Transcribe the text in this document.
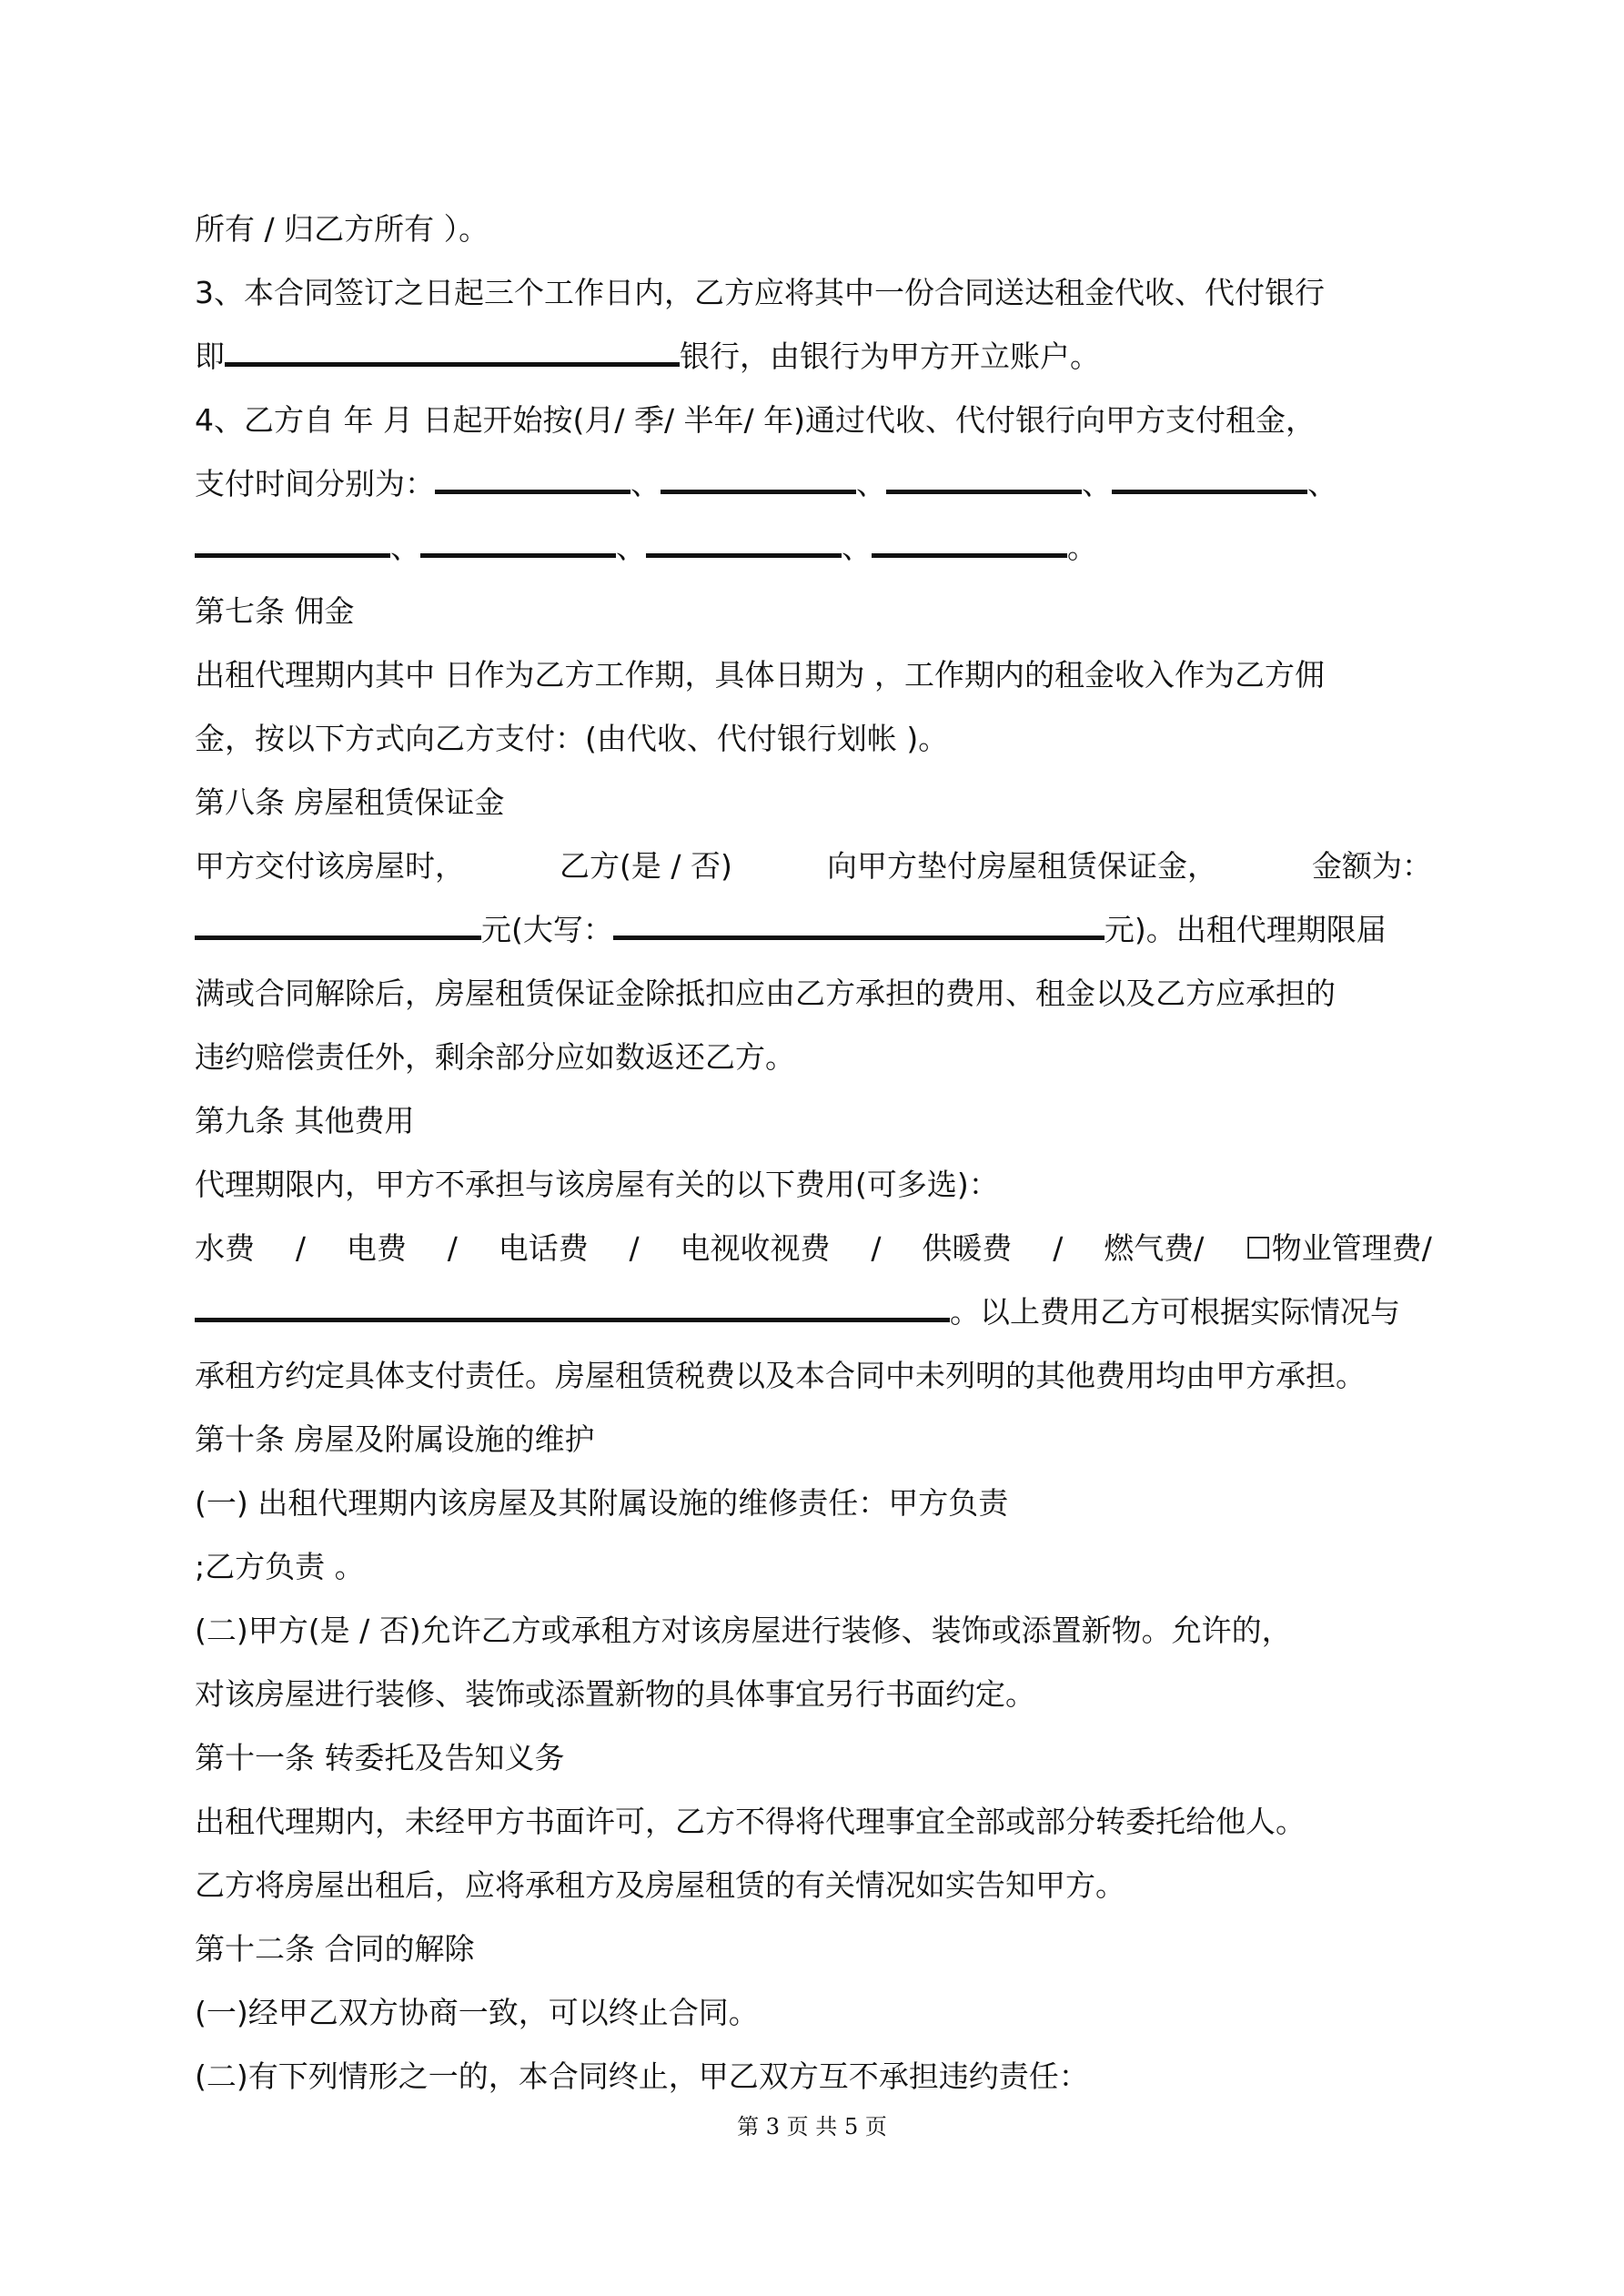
所有 / 归乙方所有 ）。

3、本合同签订之日起三个工作日内，乙方应将其中一份合同送达租金代收、代付银行

即	银行，由银行为甲方开立账户。

4、乙方自 年 月 日起开始按(月/ 季/ 半年/ 年)通过代收、代付银行向甲方支付租金，

支付时间分别为：	、	、	、	、

、	、	、	。

第七条 佣金

出租代理期内其中 日作为乙方工作期，具体日期为 ，工作期内的租金收入作为乙方佣

金，按以下方式向乙方支付：(由代收、代付银行划帐 )。

第八条 房屋租赁保证金

甲方交付该房屋时，	乙方(是 / 否)	向甲方垫付房屋租赁保证金，	金额为：

元(大写：	元)。出租代理期限届

满或合同解除后，房屋租赁保证金除抵扣应由乙方承担的费用、租金以及乙方应承担的

违约赔偿责任外，剩余部分应如数返还乙方。

第九条 其他费用

代理期限内，甲方不承担与该房屋有关的以下费用(可多选)：

水费 / 电费 / 电话费 / 电视收视费 / 供暖费 / 燃气费/ ☐物业管理费/

。以上费用乙方可根据实际情况与

承租方约定具体支付责任。房屋租赁税费以及本合同中未列明的其他费用均由甲方承担。

第十条 房屋及附属设施的维护

(一) 出租代理期内该房屋及其附属设施的维修责任：甲方负责

;乙方负责 。

(二)甲方(是 / 否)允许乙方或承租方对该房屋进行装修、装饰或添置新物。允许的，

对该房屋进行装修、装饰或添置新物的具体事宜另行书面约定。

第十一条 转委托及告知义务

出租代理期内，未经甲方书面许可，乙方不得将代理事宜全部或部分转委托给他人。

乙方将房屋出租后，应将承租方及房屋租赁的有关情况如实告知甲方。

第十二条 合同的解除

(一)经甲乙双方协商一致，可以终止合同。

(二)有下列情形之一的，本合同终止，甲乙双方互不承担违约责任：

第 3 页 共 5 页
